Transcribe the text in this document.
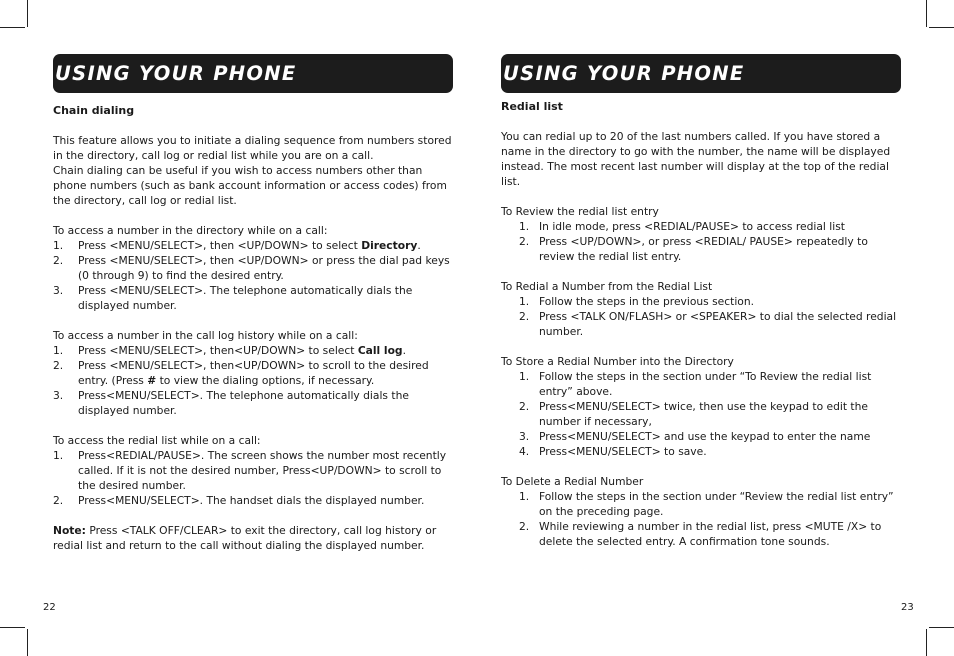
USING YOUR PHONE
Chain dialing

This feature allows you to initiate a dialing sequence from numbers stored in the directory, call log or redial list while you are on a call.

Chain dialing can be useful if you wish to access numbers other than phone numbers (such as bank account information or access codes) from the directory, call log or redial list.

To access a number in the directory while on a call:

1. Press <MENU/SELECT>, then <UP/DOWN> to select Directory.
2. Press <MENU/SELECT>, then <UP/DOWN> or press the dial pad keys (0 through 9) to find the desired entry.
3. Press <MENU/SELECT>. The telephone automatically dials the displayed number.

To access a number in the call log history while on a call:

1. Press <MENU/SELECT>, then<UP/DOWN> to select Call log.
2. Press <MENU/SELECT>, then<UP/DOWN> to scroll to the desired entry. (Press # to view the dialing options, if necessary.
3. Press<MENU/SELECT>. The telephone automatically dials the displayed number.

To access the redial list while on a call:

1. Press<REDIAL/PAUSE>. The screen shows the number most recently called. If it is not the desired number, Press<UP/DOWN> to scroll to the desired number.
2. Press<MENU/SELECT>. The handset dials the displayed number.

Note: Press <TALK OFF/CLEAR> to exit the directory, call log history or redial list and return to the call without dialing the displayed number.

22
USING YOUR PHONE
Redial list

You can redial up to 20 of the last numbers called. If you have stored a name in the directory to go with the number, the name will be displayed instead. The most recent last number will display at the top of the redial list.

To Review the redial list entry

1. In idle mode, press <REDIAL/PAUSE> to access redial list
2. Press <UP/DOWN>, or press <REDIAL/ PAUSE> repeatedly to review the redial list entry.

To Redial a Number from the Redial List

1. Follow the steps in the previous section.
2. Press <TALK ON/FLASH> or <SPEAKER> to dial the selected redial number.

To Store a Redial Number into the Directory

1. Follow the steps in the section under “To Review the redial list entry” above.
2. Press<MENU/SELECT> twice, then use the keypad to edit the number if necessary,
3. Press<MENU/SELECT> and use the keypad to enter the name
4. Press<MENU/SELECT> to save.

To Delete a Redial Number

1. Follow the steps in the section under “Review the redial list entry” on the preceding page.
2. While reviewing a number in the redial list, press <MUTE /X> to delete the selected entry. A confirmation tone sounds.
23
